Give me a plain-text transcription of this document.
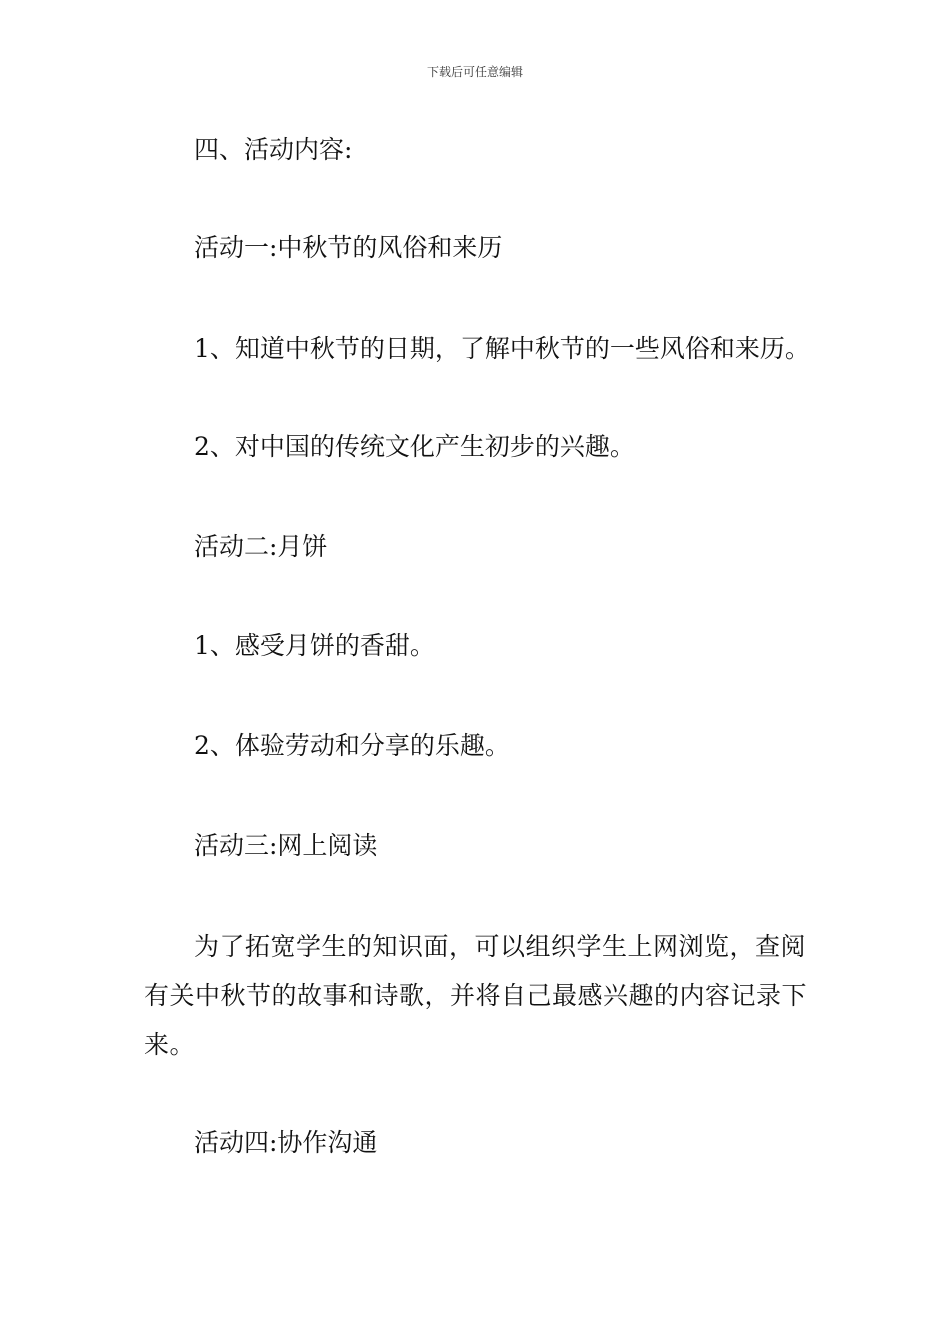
下载后可任意编辑
四、活动内容:
活动一:中秋节的风俗和来历
1、知道中秋节的日期，了解中秋节的一些风俗和来历。
2、对中国的传统文化产生初步的兴趣。
活动二:月饼
1、感受月饼的香甜。
2、体验劳动和分享的乐趣。
活动三:网上阅读
为了拓宽学生的知识面，可以组织学生上网浏览，查阅有关中秋节的故事和诗歌，并将自己最感兴趣的内容记录下来。
活动四:协作沟通
